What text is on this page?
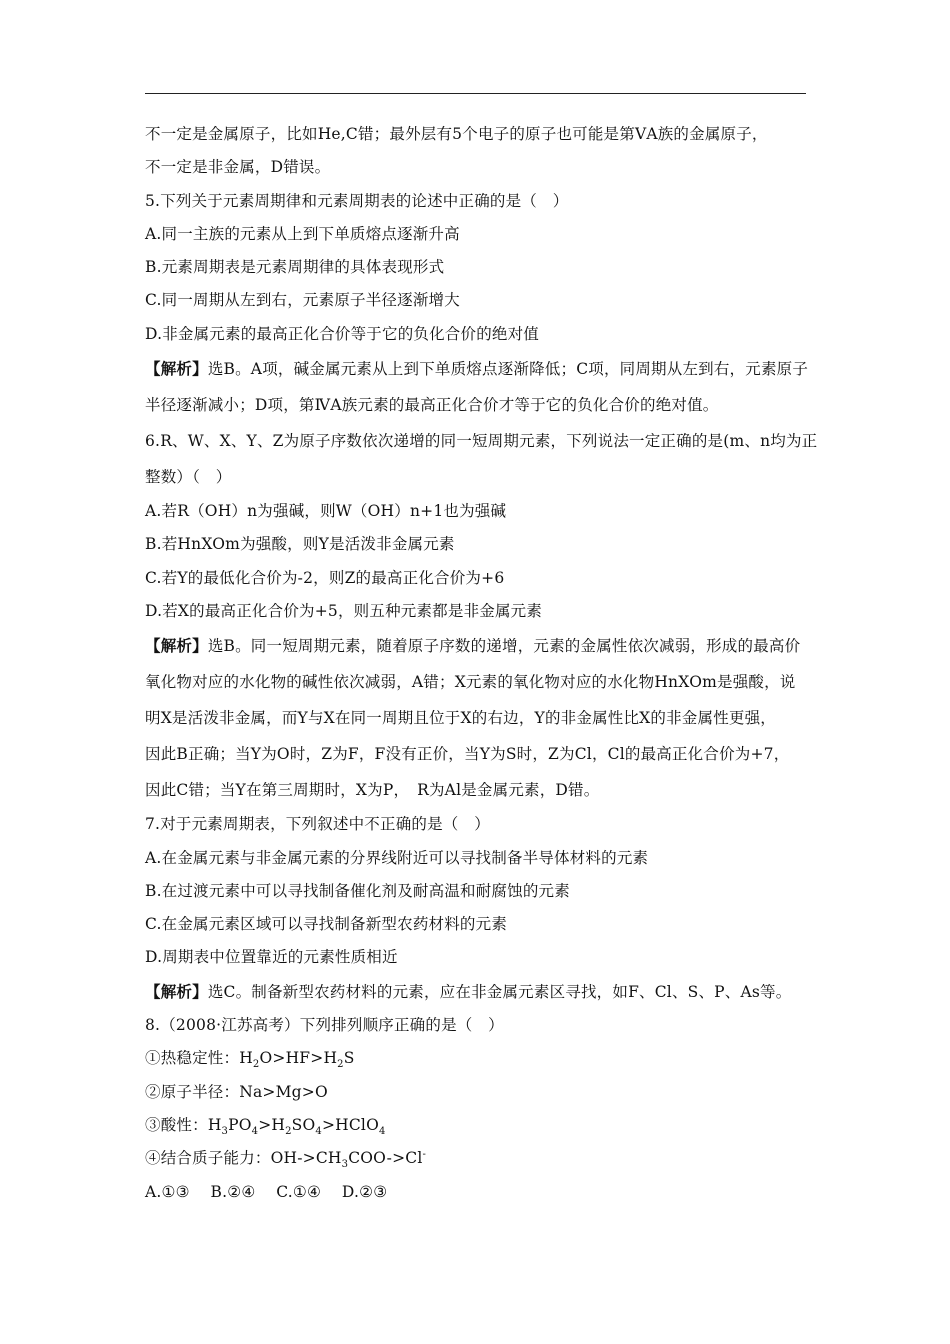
不一定是金属原子，比如He,C错；最外层有5个电子的原子也可能是第ⅤA族的金属原子，

不一定是非金属，D错误。

5.下列关于元素周期律和元素周期表的论述中正确的是（　）

A.同一主族的元素从上到下单质熔点逐渐升高

B.元素周期表是元素周期律的具体表现形式

C.同一周期从左到右，元素原子半径逐渐增大

D.非金属元素的最高正化合价等于它的负化合价的绝对值

【解析】选B。A项，碱金属元素从上到下单质熔点逐渐降低；C项，同周期从左到右，元素原子

半径逐渐减小；D项，第ⅣA族元素的最高正化合价才等于它的负化合价的绝对值。

6.R、W、X、Y、Z为原子序数依次递增的同一短周期元素，下列说法一定正确的是(m、n均为正

整数）（　）

A.若R（OH）n为强碱，则W（OH）n+1也为强碱

B.若HnXOm为强酸，则Y是活泼非金属元素

C.若Y的最低化合价为-2，则Z的最高正化合价为+6

D.若X的最高正化合价为+5，则五种元素都是非金属元素

【解析】选B。同一短周期元素，随着原子序数的递增，元素的金属性依次减弱，形成的最高价

氧化物对应的水化物的碱性依次减弱，A错；X元素的氧化物对应的水化物HnXOm是强酸，说

明X是活泼非金属，而Y与X在同一周期且位于X的右边，Y的非金属性比X的非金属性更强，

因此B正确；当Y为O时，Z为F，F没有正价，当Y为S时，Z为Cl，Cl的最高正化合价为+7，

因此C错；当Y在第三周期时，X为P，　R为Al是金属元素，D错。

7.对于元素周期表，下列叙述中不正确的是（　）

A.在金属元素与非金属元素的分界线附近可以寻找制备半导体材料的元素

B.在过渡元素中可以寻找制备催化剂及耐高温和耐腐蚀的元素

C.在金属元素区域可以寻找制备新型农药材料的元素

D.周期表中位置靠近的元素性质相近

【解析】选C。制备新型农药材料的元素，应在非金属元素区寻找，如F、Cl、S、P、As等。

8.（2008·江苏高考）下列排列顺序正确的是（　）

①热稳定性：$H_2O>HF>H_2S$

②原子半径：Na>Mg>O

③酸性：$H_3PO_4>H_2SO_4>HClO_4$

④结合质子能力：$OH->CH_3COO->Cl^-$

A.①③　 B.②④　 C.①④　 D.②③
